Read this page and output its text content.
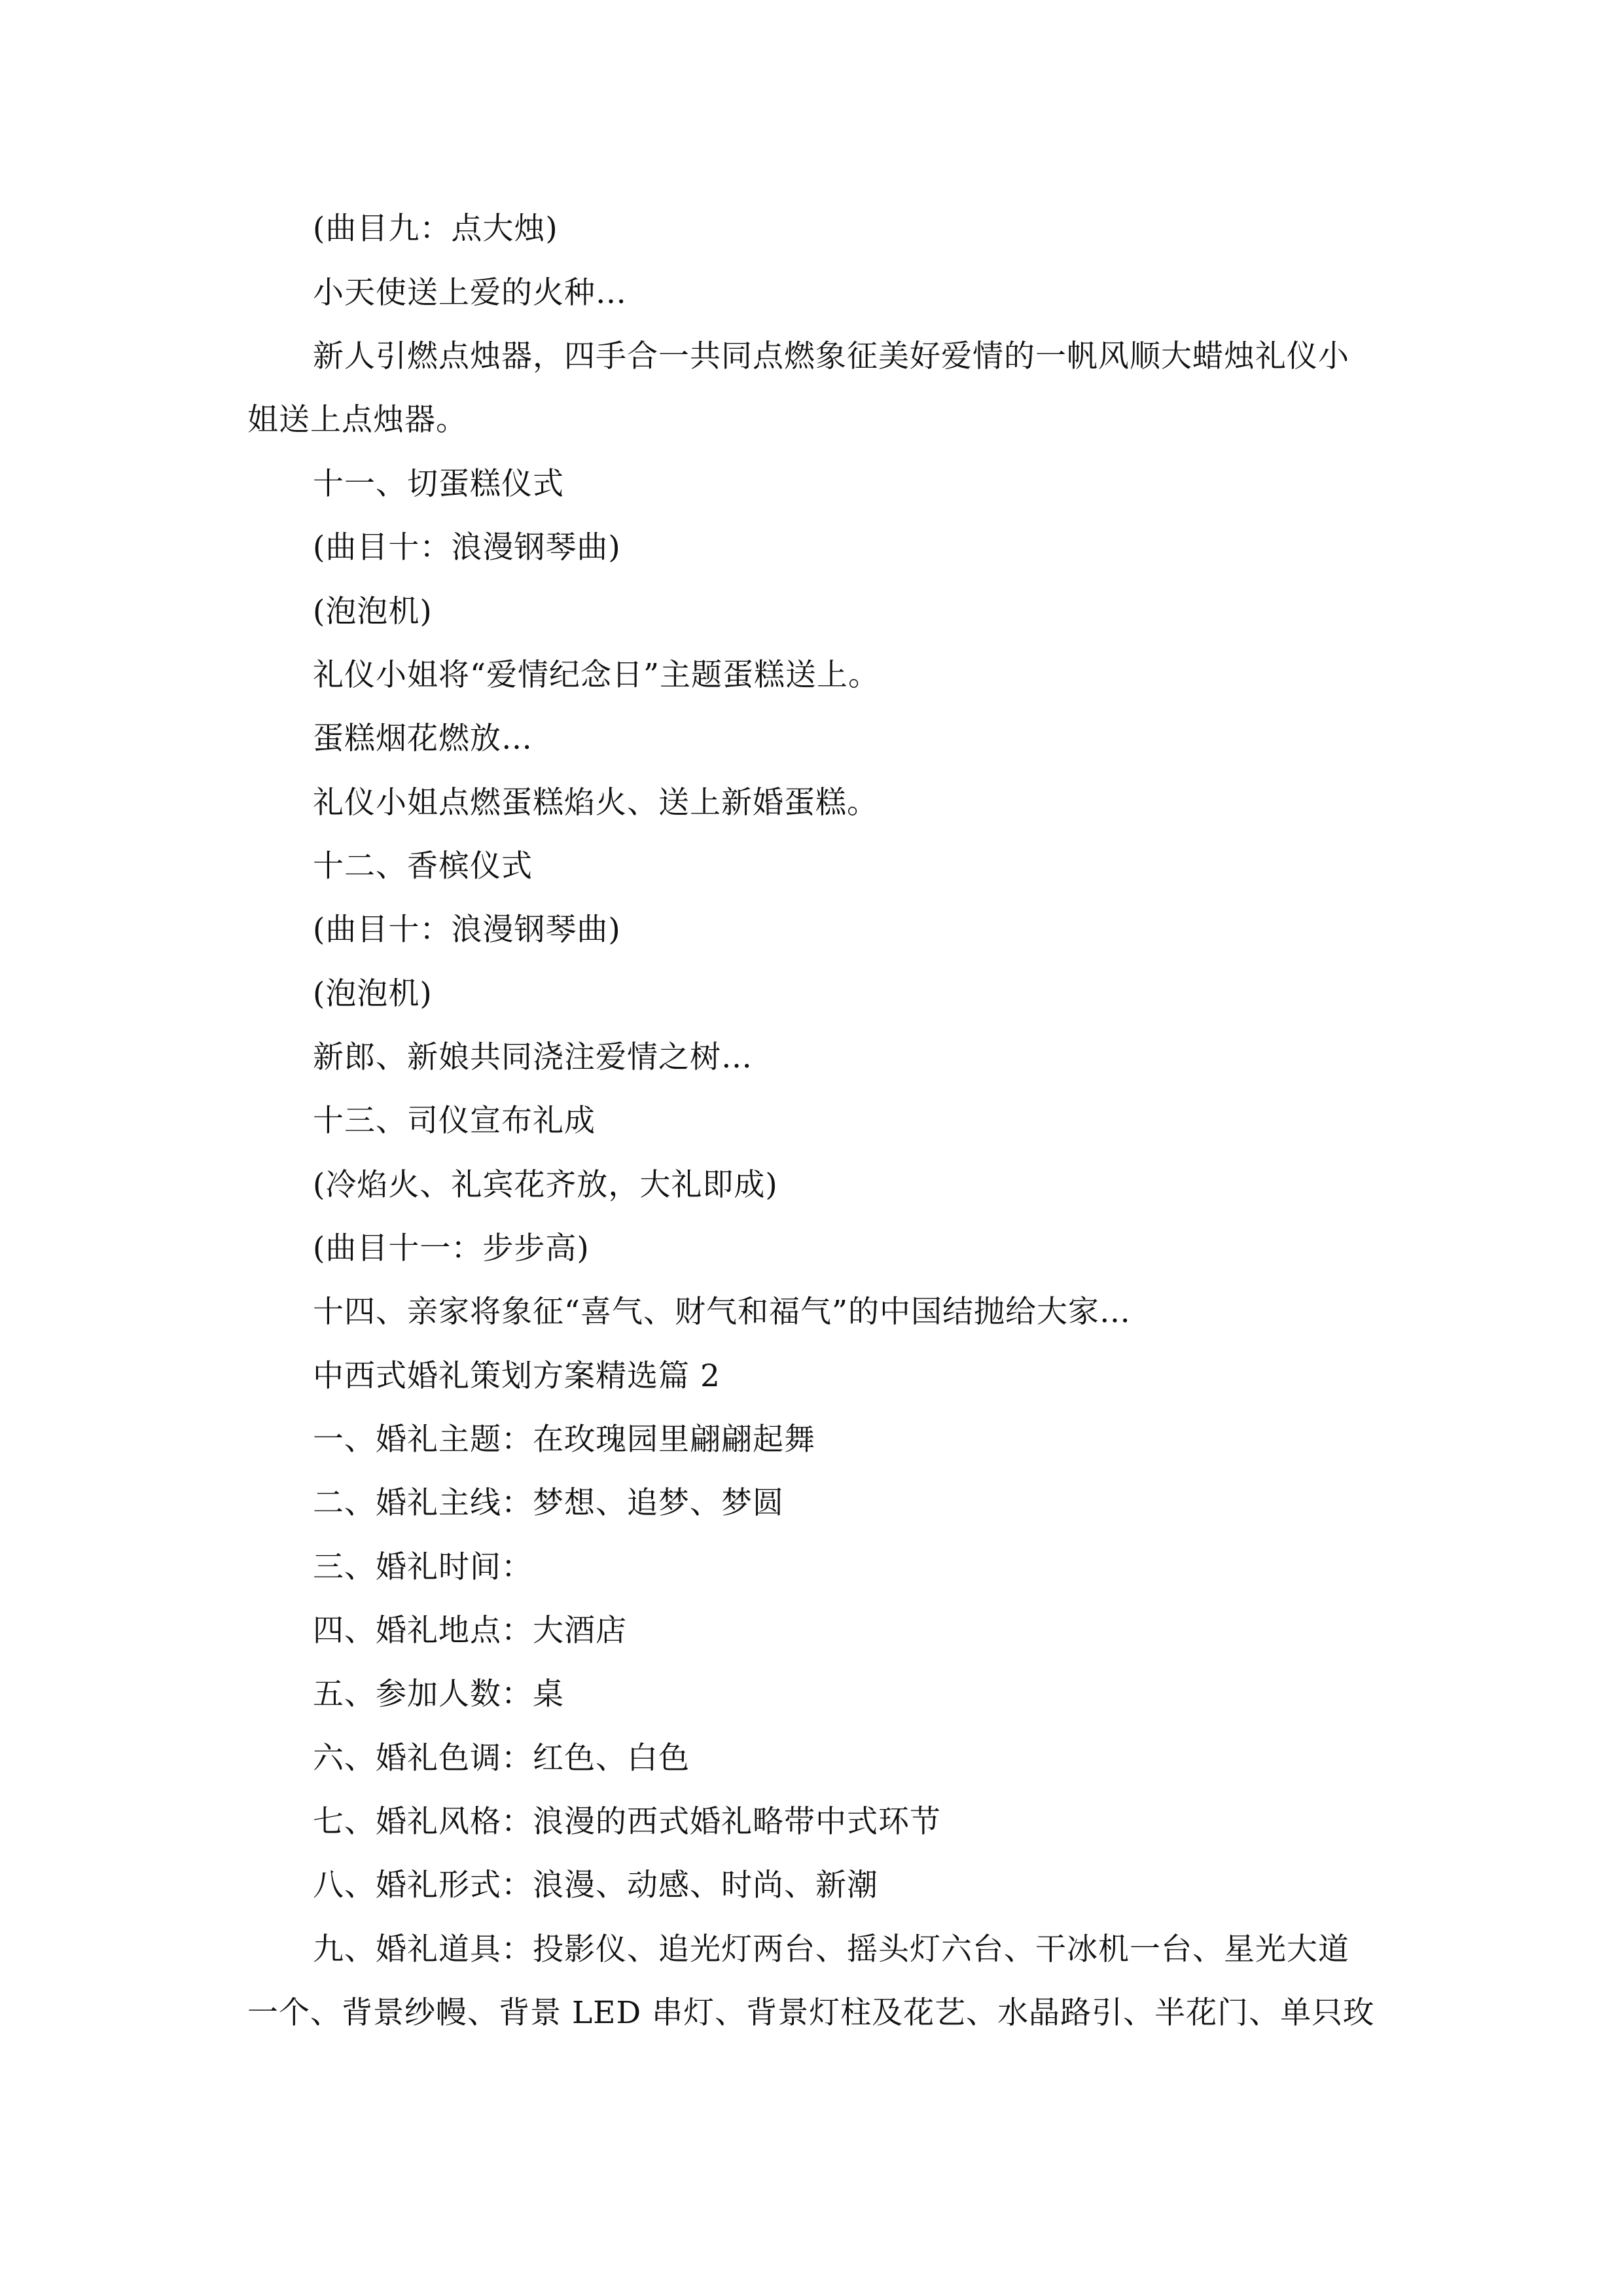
(曲目九：点大烛)
小天使送上爱的火种…
新人引燃点烛器，四手合一共同点燃象征美好爱情的一帆风顺大蜡烛礼仪小
姐送上点烛器。
十一、切蛋糕仪式
(曲目十：浪漫钢琴曲)
(泡泡机)
礼仪小姐将“爱情纪念日”主题蛋糕送上。
蛋糕烟花燃放…
礼仪小姐点燃蛋糕焰火、送上新婚蛋糕。
十二、香槟仪式
(曲目十：浪漫钢琴曲)
(泡泡机)
新郎、新娘共同浇注爱情之树…
十三、司仪宣布礼成
(冷焰火、礼宾花齐放，大礼即成)
(曲目十一：步步高)
十四、亲家将象征“喜气、财气和福气”的中国结抛给大家…
中西式婚礼策划方案精选篇 2
一、婚礼主题：在玫瑰园里翩翩起舞
二、婚礼主线：梦想、追梦、梦圆
三、婚礼时间：
四、婚礼地点：大酒店
五、参加人数：桌
六、婚礼色调：红色、白色
七、婚礼风格：浪漫的西式婚礼略带中式环节
八、婚礼形式：浪漫、动感、时尚、新潮
九、婚礼道具：投影仪、追光灯两台、摇头灯六台、干冰机一台、星光大道
一个、背景纱幔、背景 LED 串灯、背景灯柱及花艺、水晶路引、半花门、单只玫
